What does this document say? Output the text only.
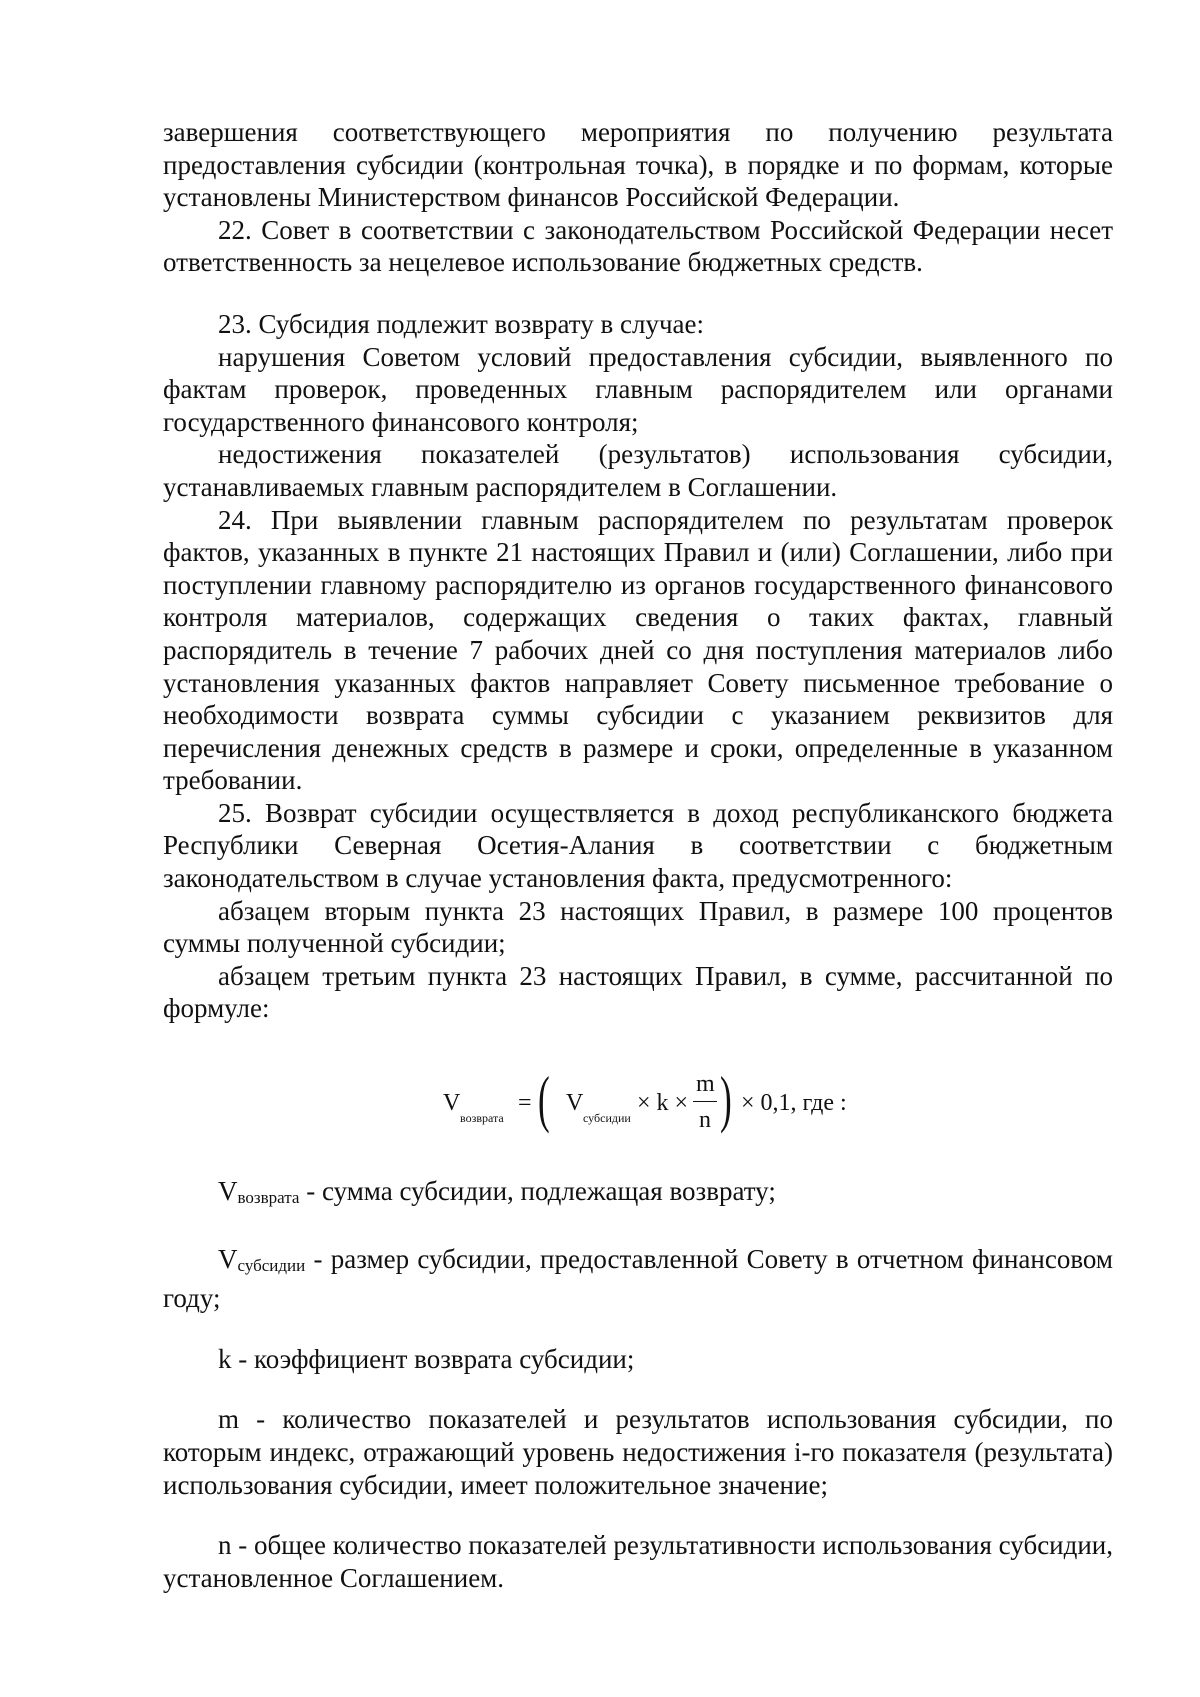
завершения соответствующего мероприятия по получению результата предоставления субсидии (контрольная точка), в порядке и по формам, которые установлены Министерством финансов Российской Федерации.

22. Совет в соответствии с законодательством Российской Федерации несет ответственность за нецелевое использование бюджетных средств.

23. Субсидия подлежит возврату в случае:

нарушения Советом условий предоставления субсидии, выявленного по фактам проверок, проведенных главным распорядителем или органами государственного финансового контроля;

недостижения показателей (результатов) использования субсидии, устанавливаемых главным распорядителем в Соглашении.

24. При выявлении главным распорядителем по результатам проверок фактов, указанных в пункте 21 настоящих Правил и (или) Соглашении, либо при поступлении главному распорядителю из органов государственного финансового контроля материалов, содержащих сведения о таких фактах, главный распорядитель в течение 7 рабочих дней со дня поступления материалов либо установления указанных фактов направляет Совету письменное требование о необходимости возврата суммы субсидии с указанием реквизитов для перечисления денежных средств в размере и сроки, определенные в указанном требовании.

25. Возврат субсидии осуществляется в доход республиканского бюджета Республики Северная Осетия-Алания в соответствии с бюджетным законодательством в случае установления факта, предусмотренного:

абзацем вторым пункта 23 настоящих Правил, в размере 100 процентов суммы полученной субсидии;

абзацем третьим пункта 23 настоящих Правил, в сумме, рассчитанной по формуле:

V
возврата
= ( V
субсидии
× k ×
m
n ) × 0,1, где :

Vвозврата - сумма субсидии, подлежащая возврату;

Vсубсидии - размер субсидии, предоставленной Совету в отчетном финансовом году;

k - коэффициент возврата субсидии;

m - количество показателей и результатов использования субсидии, по которым индекс, отражающий уровень недостижения i-го показателя (результата) использования субсидии, имеет положительное значение;

n - общее количество показателей результативности использования субсидии, установленное Соглашением.
